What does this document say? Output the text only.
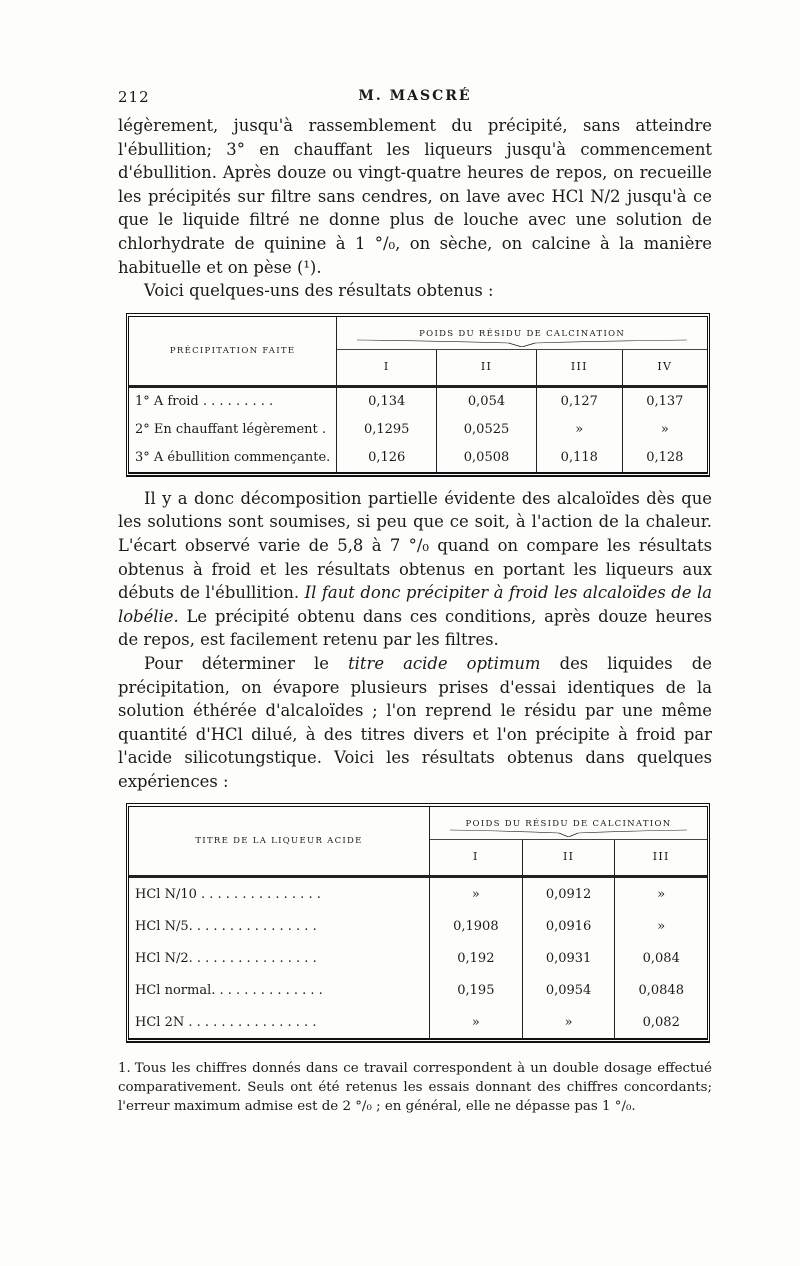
212	M. MASCRÉ

légèrement, jusqu'à rassemblement du précipité, sans atteindre l'ébullition; 3° en chauffant les liqueurs jusqu'à commencement d'ébullition. Après douze ou vingt-quatre heures de repos, on recueille les précipités sur filtre sans cendres, on lave avec HCl N/2 jusqu'à ce que le liquide filtré ne donne plus de louche avec une solution de chlorhydrate de quinine à 1 °/₀, on sèche, on calcine à la manière habituelle et on pèse (¹).

Voici quelques-uns des résultats obtenus :

PRÉCIPITATION FAITE	POIDS DU RÉSIDU DE CALCINATION			

	I	II	III	IV
1° A froid . . . . . . . . .	0,134	0,054	0,127	0,137
2° En chauffant légèrement .	0,1295	0,0525	»	»
3° A ébullition commençante.	0,126	0,0508	0,118	0,128

Il y a donc décomposition partielle évidente des alcaloïdes dès que les solutions sont soumises, si peu que ce soit, à l'action de la chaleur. L'écart observé varie de 5,8 à 7 °/₀ quand on compare les résultats obtenus à froid et les résultats obtenus en portant les liqueurs aux débuts de l'ébullition. Il faut donc précipiter à froid les alcaloïdes de la lobélie. Le précipité obtenu dans ces conditions, après douze heures de repos, est facilement retenu par les filtres.

Pour déterminer le titre acide optimum des liquides de précipitation, on évapore plusieurs prises d'essai identiques de la solution éthérée d'alcaloïdes ; l'on reprend le résidu par une même quantité d'HCl dilué, à des titres divers et l'on précipite à froid par l'acide silicotungstique. Voici les résultats obtenus dans quelques expériences :

TITRE DE LA LIQUEUR ACIDE	POIDS DU RÉSIDU DE CALCINATION		

	I	II	III
HCl N/10 . . . . . . . . . . . . . . .	»	0,0912	»
HCl N/5. . . . . . . . . . . . . . . .	0,1908	0,0916	»
HCl N/2. . . . . . . . . . . . . . . .	0,192	0,0931	0,084
HCl normal. . . . . . . . . . . . . .	0,195	0,0954	0,0848
HCl 2N . . . . . . . . . . . . . . . .	»	»	0,082
1. Tous les chiffres donnés dans ce travail correspondent à un double dosage effectué comparativement. Seuls ont été retenus les essais donnant des chiffres concordants; l'erreur maximum admise est de 2 °/₀ ; en général, elle ne dépasse pas 1 °/₀.
